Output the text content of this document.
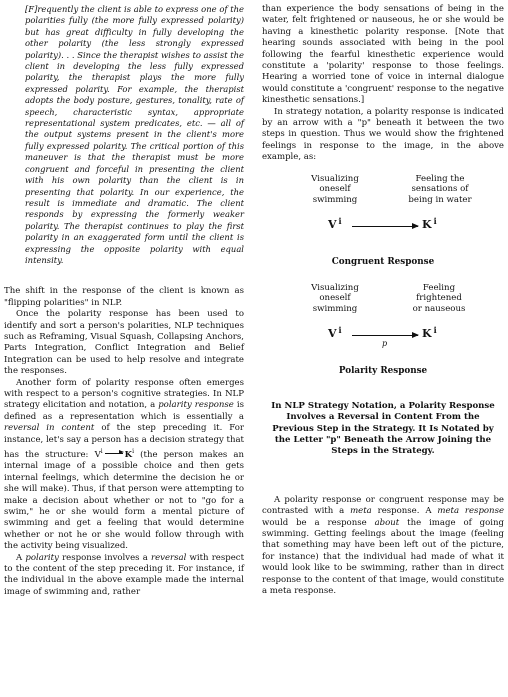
[F]requently the client is able to express one of the polarities fully (the more fully expressed polarity) but has great difficulty in fully developing the other polarity (the less strongly expressed polarity). . . Since the therapist wishes to assist the client in developing the less fully expressed polarity, the therapist plays the more fully expressed polarity. For example, the therapist adopts the body posture, gestures, tonality, rate of speech, characteristic syntax, appropriate representational system predicates, etc. — all of the output systems present in the client's more fully expressed polarity. The critical portion of this maneuver is that the therapist must be more congruent and forceful in presenting the client with his own polarity than the client is in presenting that polarity. In our experience, the result is immediate and dramatic. The client responds by expressing the formerly weaker polarity. The therapist continues to play the first polarity in an exaggerated form until the client is expressing the opposite polarity with equal intensity.

The shift in the response of the client is known as "flipping polarities" in NLP.

Once the polarity response has been used to identify and sort a person's polarities, NLP techniques such as Reframing, Visual Squash, Collapsing Anchors, Parts Integration, Conflict Integration and Belief Integration can be used to help resolve and integrate the responses.

Another form of polarity response often emerges with respect to a person's cognitive strategies. In NLP strategy elicitation and notation, a polarity response is defined as a representation which is essentially a reversal in content of the step preceding it. For instance, let's say a person has a decision strategy that has the structure: $V^i$	$K^i$ (the person makes an internal image of a possible choice and then gets internal feelings, which determine the decision he or she will make). Thus, if that person were attempting to make a decision about whether or not to "go for a swim," he or she would form a mental picture of swimming and get a feeling that would determine whether or not he or she would follow through with the activity being visualized.

A polarity response involves a reversal with respect to the content of the step preceding it. For instance, if the individual in the above example made the internal image of swimming and, rather

than experience the body sensations of being in the water, felt frightened or nauseous, he or she would be having a kinesthetic polarity response. [Note that hearing sounds associated with being in the pool following the fearful kinesthetic experience would constitute a 'polarity' response to those feelings. Hearing a worried tone of voice in internal dialogue would constitute a 'congruent' response to the negative kinesthetic sensations.]

In strategy notation, a polarity response is indicated by an arrow with a "p" beneath it between the two steps in question. Thus we would show the frightened feelings in response to the image, in the above example, as:

Visualizing
oneself
swimming
Feeling the
sensations of
being in water
V $^i$	K $^i$
Congruent Response
Visualizing
oneself
swimming
Feeling
frightened
or nauseous
V $^i$
p
K $^i$
Polarity Response

In NLP Strategy Notation, a Polarity Response Involves a Reversal in Content From the Previous Step in the Strategy. It Is Notated by the Letter "p" Beneath the Arrow Joining the Steps in the Strategy.

A polarity response or congruent response may be contrasted with a meta response. A meta response would be a response about the image of going swimming. Getting feelings about the image (feeling that something may have been left out of the picture, for instance) that the individual had made of what it would look like to be swimming, rather than in direct response to the content of that image, would constitute a meta response.
